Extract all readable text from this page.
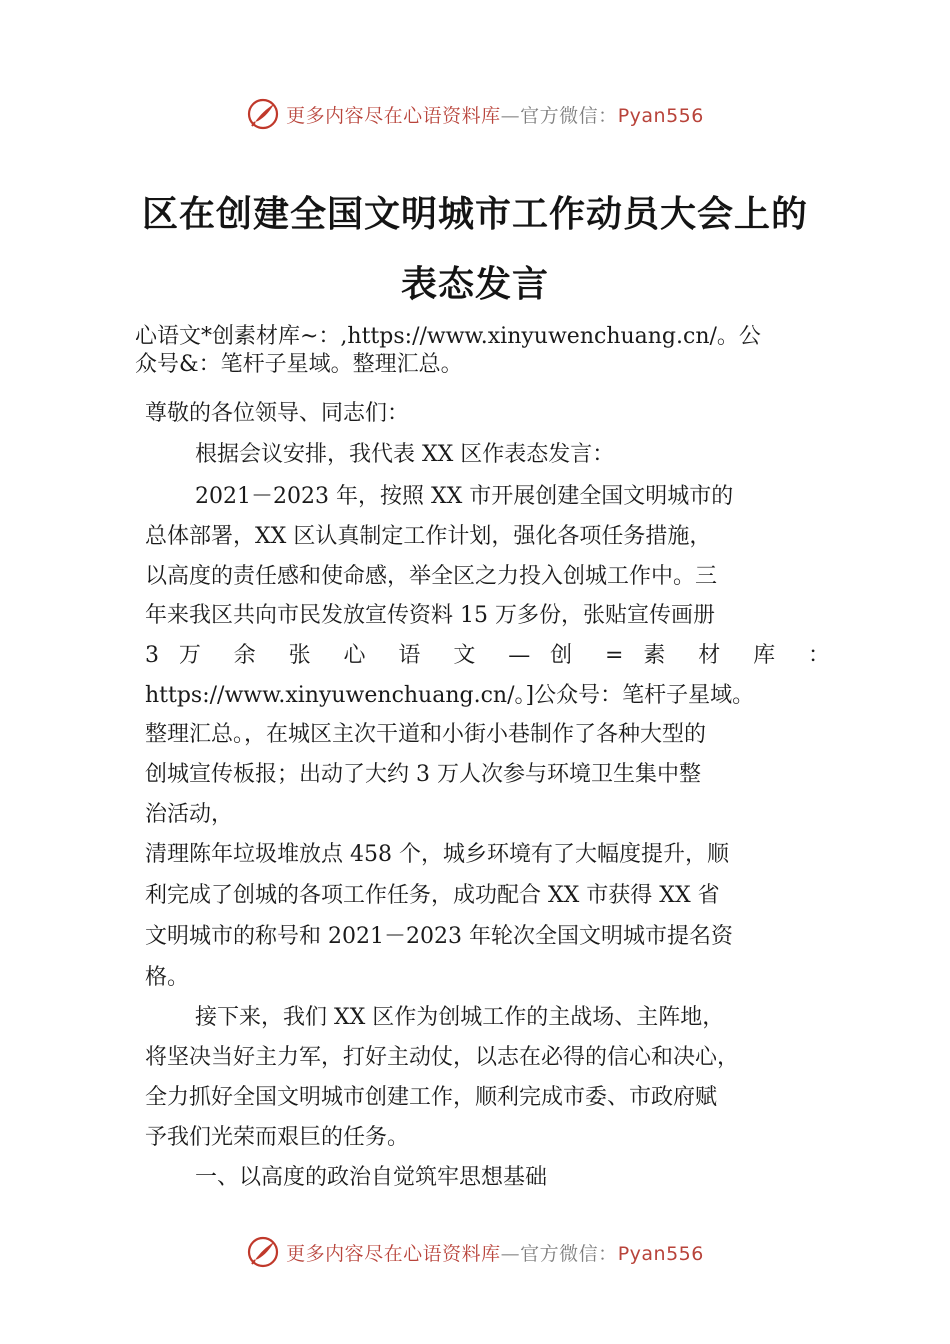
更多内容尽在心语资料库—官方微信：Pyan556
区在创建全国文明城市工作动员大会上的
表态发言
心语文*创素材库~：,https://www.xinyuwenchuang.cn/。公
众号&：笔杆子星域。整理汇总。
尊敬的各位领导、同志们：
根据会议安排，我代表 XX 区作表态发言：
2021－2023 年，按照 XX 市开展创建全国文明城市的
总体部署，XX 区认真制定工作计划，强化各项任务措施，
以高度的责任感和使命感，举全区之力投入创城工作中。三
年来我区共向市民发放宣传资料 15 万多份，张贴宣传画册
3 万 余 张 心 语 文 — 创 = 素 材 库 ：
https://www.xinyuwenchuang.cn/。]公众号：笔杆子星域。
整理汇总。，在城区主次干道和小街小巷制作了各种大型的
创城宣传板报；出动了大约 3 万人次参与环境卫生集中整
治活动，
清理陈年垃圾堆放点 458 个，城乡环境有了大幅度提升，顺
利完成了创城的各项工作任务，成功配合 XX 市获得 XX 省
文明城市的称号和 2021－2023 年轮次全国文明城市提名资
格。
接下来，我们 XX 区作为创城工作的主战场、主阵地，
将坚决当好主力军，打好主动仗，以志在必得的信心和决心，
全力抓好全国文明城市创建工作，顺利完成市委、市政府赋
予我们光荣而艰巨的任务。
一、以高度的政治自觉筑牢思想基础
更多内容尽在心语资料库—官方微信：Pyan556
